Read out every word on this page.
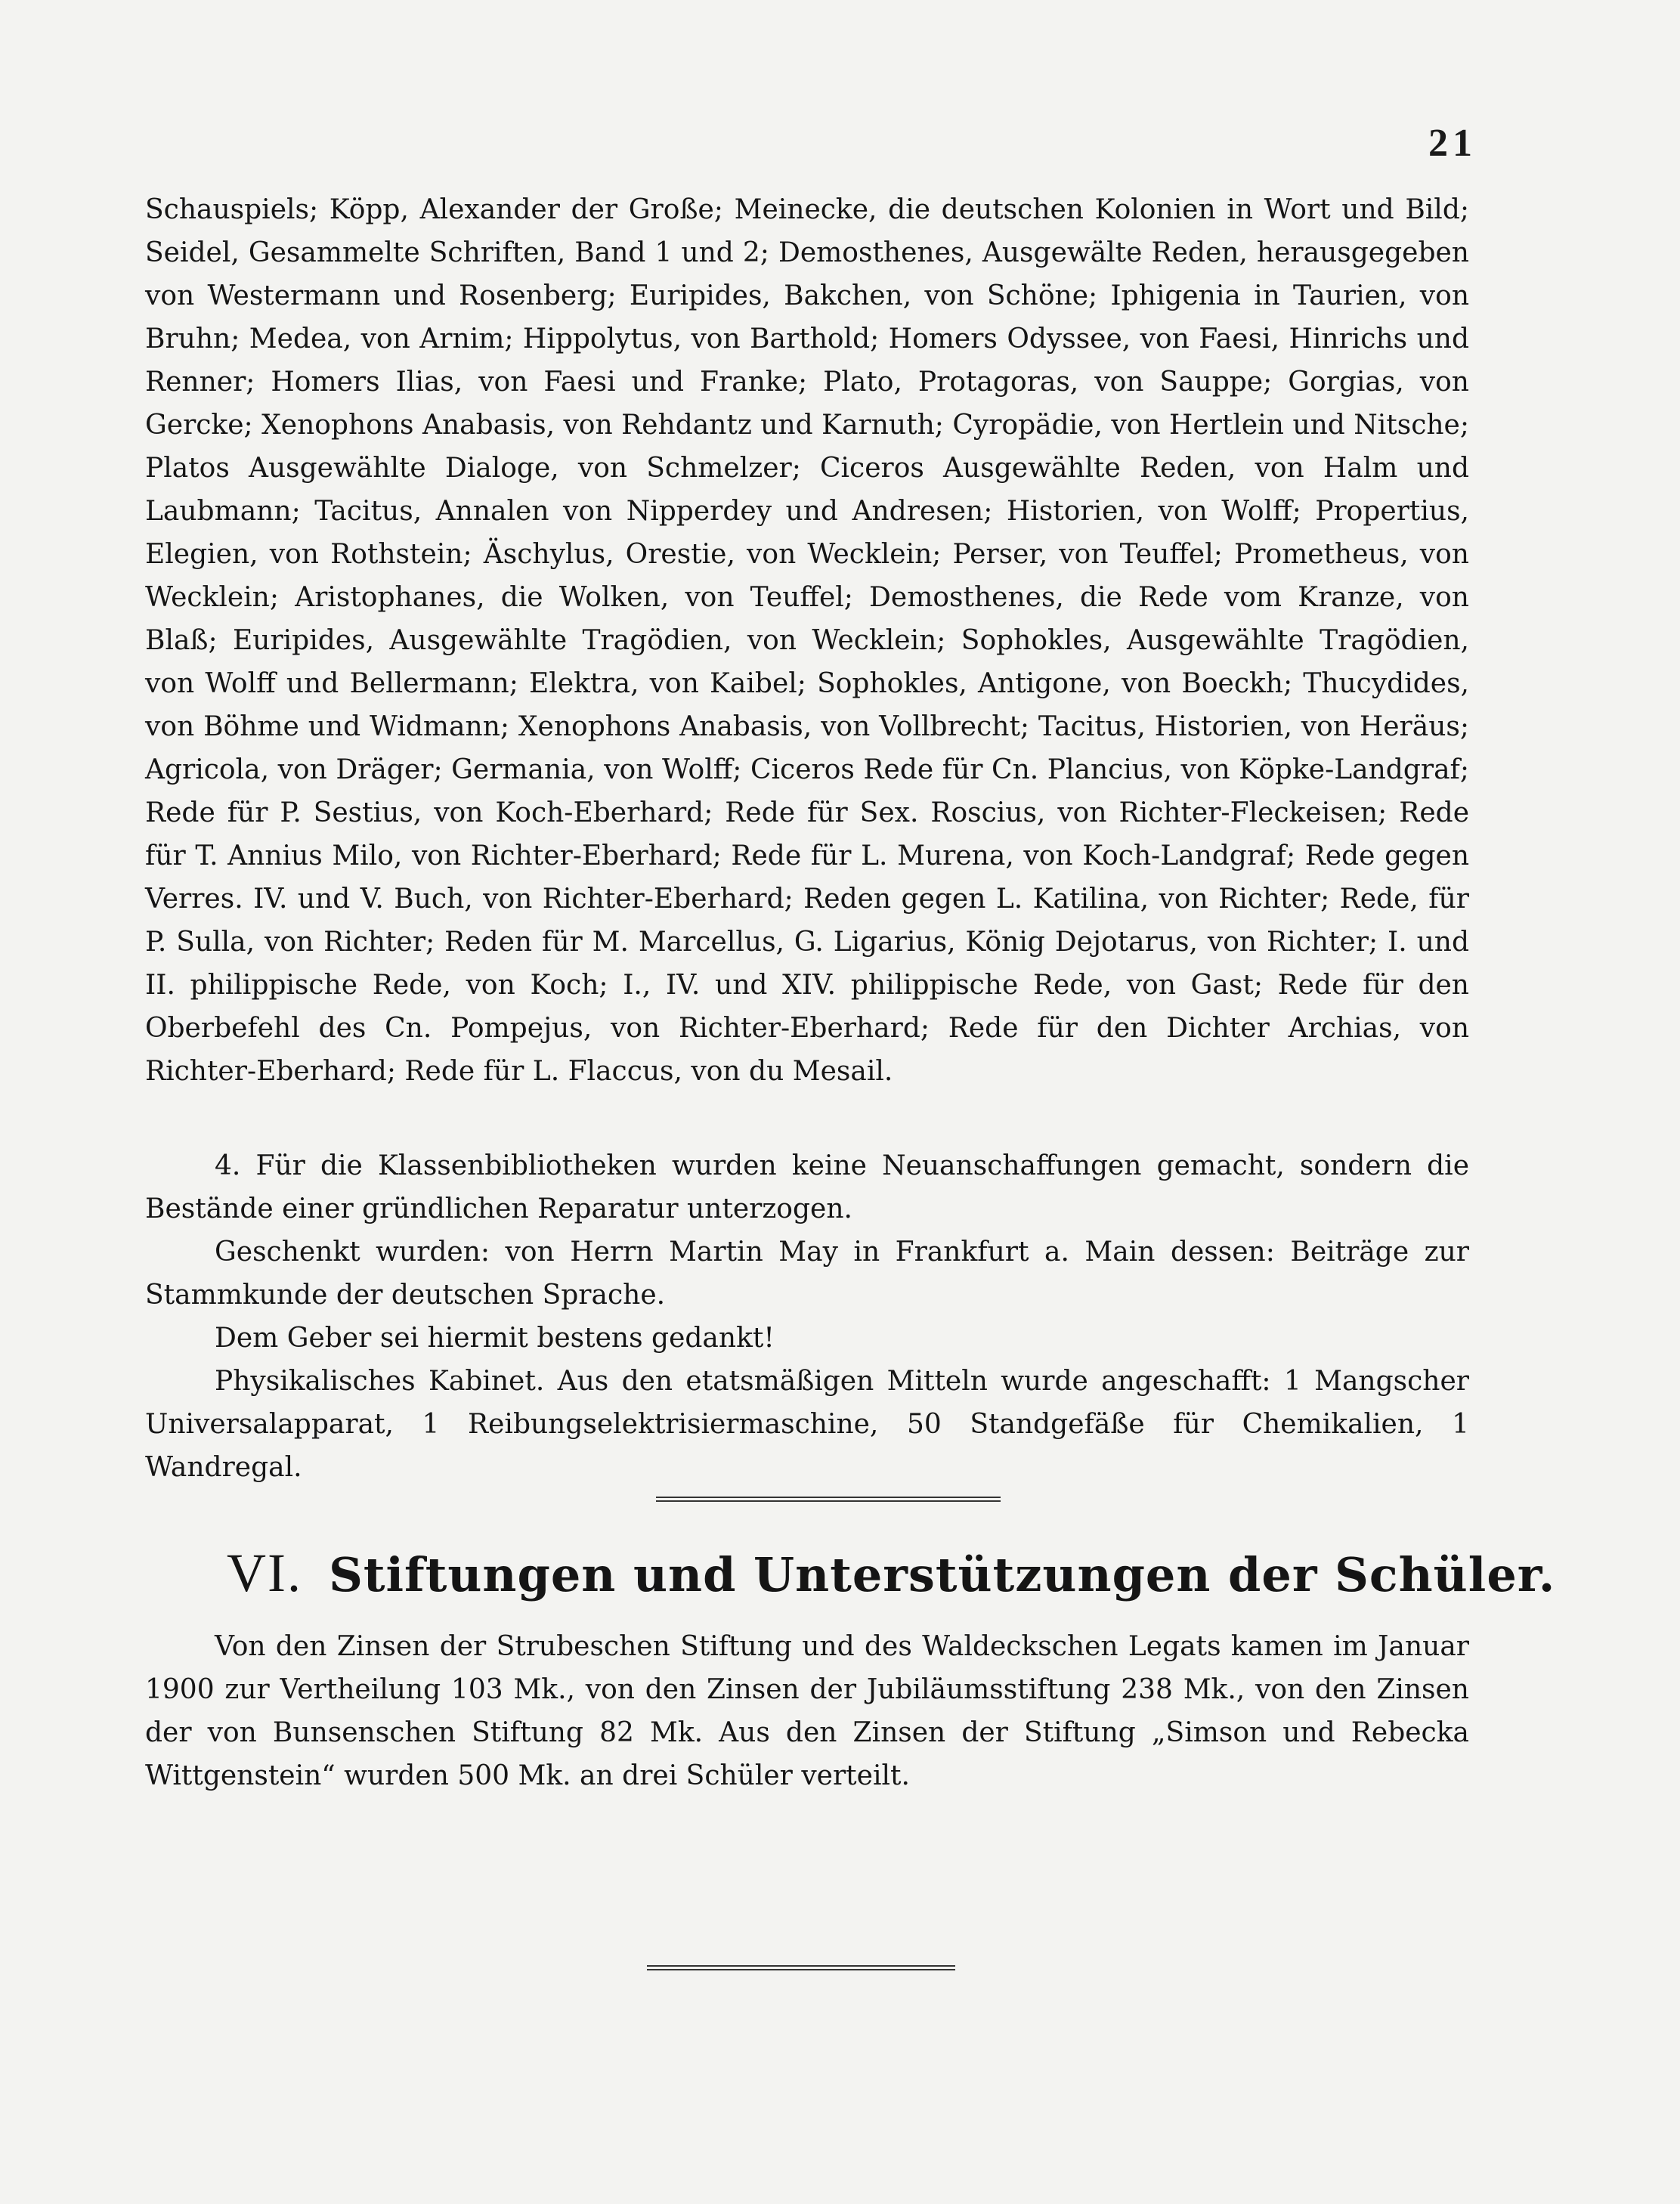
21

Schauspiels; Köpp, Alexander der Große; Meinecke, die deutschen Kolonien in Wort und Bild; Seidel, Gesammelte Schriften, Band 1 und 2; Demosthenes, Ausgewälte Reden, herausgegeben von Westermann und Rosenberg; Euripides, Bakchen, von Schöne; Iphigenia in Taurien, von Bruhn; Medea, von Arnim; Hippolytus, von Barthold; Homers Odyssee, von Faesi, Hinrichs und Renner; Homers Ilias, von Faesi und Franke; Plato, Protagoras, von Sauppe; Gorgias, von Gercke; Xenophons Anabasis, von Rehdantz und Karnuth; Cyropädie, von Hertlein und Nitsche; Platos Ausgewählte Dialoge, von Schmelzer; Ciceros Ausgewählte Reden, von Halm und Laubmann; Tacitus, Annalen von Nipperdey und Andresen; Historien, von Wolff; Propertius, Elegien, von Rothstein; Äschylus, Orestie, von Wecklein; Perser, von Teuffel; Prometheus, von Wecklein; Aristophanes, die Wolken, von Teuffel; Demosthenes, die Rede vom Kranze, von Blaß; Euripides, Ausgewählte Tragödien, von Wecklein; Sophokles, Ausgewählte Tragödien, von Wolff und Bellermann; Elektra, von Kaibel; Sophokles, Antigone, von Boeckh; Thucydides, von Böhme und Widmann; Xenophons Anabasis, von Vollbrecht; Tacitus, Historien, von Heräus; Agricola, von Dräger; Germania, von Wolff; Ciceros Rede für Cn. Plancius, von Köpke-Landgraf; Rede für P. Sestius, von Koch-Eberhard; Rede für Sex. Roscius, von Richter-Fleckeisen; Rede für T. Annius Milo, von Richter-Eberhard; Rede für L. Murena, von Koch-Landgraf; Rede gegen Verres. IV. und V. Buch, von Richter-Eberhard; Reden gegen L. Katilina, von Richter; Rede, für P. Sulla, von Richter; Reden für M. Marcellus, G. Ligarius, König Dejotarus, von Richter; I. und II. philippische Rede, von Koch; I., IV. und XIV. philippische Rede, von Gast; Rede für den Oberbefehl des Cn. Pompejus, von Richter-Eberhard; Rede für den Dichter Archias, von Richter-Eberhard; Rede für L. Flaccus, von du Mesail.

4. Für die Klassenbibliotheken wurden keine Neuanschaffungen gemacht, sondern die Bestände einer gründlichen Reparatur unterzogen.

Geschenkt wurden: von Herrn Martin May in Frankfurt a. Main dessen: Beiträge zur Stammkunde der deutschen Sprache.

Dem Geber sei hiermit bestens gedankt!

Physikalisches Kabinet. Aus den etatsmäßigen Mitteln wurde angeschafft: 1 Mangscher Universalapparat, 1 Reibungselektrisiermaschine, 50 Standgefäße für Chemikalien, 1 Wandregal.

VI. Stiftungen und Unterstützungen der Schüler.

Von den Zinsen der Strubeschen Stiftung und des Waldeckschen Legats kamen im Januar 1900 zur Vertheilung 103 Mk., von den Zinsen der Jubiläumsstiftung 238 Mk., von den Zinsen der von Bunsenschen Stiftung 82 Mk. Aus den Zinsen der Stiftung „Simson und Rebecka Wittgenstein“ wurden 500 Mk. an drei Schüler verteilt.
